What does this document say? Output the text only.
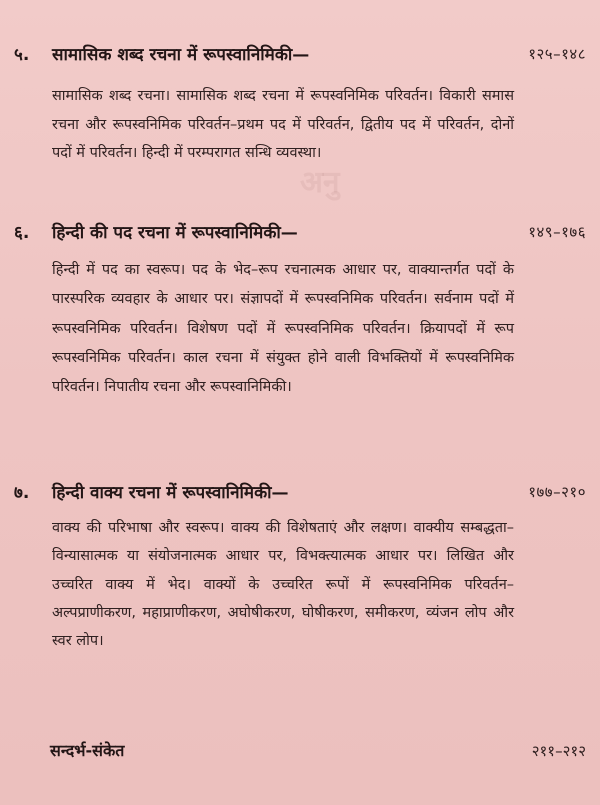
अनु
५. सामासिक शब्द रचना में रूपस्वानिमिकी—	१२५–१४८

सामासिक शब्द रचना। सामासिक शब्द रचना में रूपस्वनिमिक परिवर्तन। विकारी समास रचना और रूपस्वनिमिक परिवर्तन–प्रथम पद में परिवर्तन, द्वितीय पद में परिवर्तन, दोनों पदों में परिवर्तन। हिन्दी में परम्परागत सन्धि व्यवस्था।

६. हिन्दी की पद रचना में रूपस्वानिमिकी—	१४९–१७६

हिन्दी में पद का स्वरूप। पद के भेद–रूप रचनात्मक आधार पर, वाक्यान्तर्गत पदों के पारस्परिक व्यवहार के आधार पर। संज्ञापदों में रूपस्वनिमिक परिवर्तन। सर्वनाम पदों में रूपस्वनिमिक परिवर्तन। विशेषण पदों में रूपस्वनिमिक परिवर्तन। क्रियापदों में रूप रूपस्वनिमिक परिवर्तन। काल रचना में संयुक्त होने वाली विभक्तियों में रूपस्वनिमिक परिवर्तन। निपातीय रचना और रूपस्वानिमिकी।

७. हिन्दी वाक्य रचना में रूपस्वानिमिकी—	१७७–२१०

वाक्य की परिभाषा और स्वरूप। वाक्य की विशेषताएं और लक्षण। वाक्यीय सम्बद्धता–विन्यासात्मक या संयोजनात्मक आधार पर, विभक्त्यात्मक आधार पर। लिखित और उच्चरित वाक्य में भेद। वाक्यों के उच्चरित रूपों में रूपस्वनिमिक परिवर्तन–अल्पप्राणीकरण, महाप्राणीकरण, अघोषीकरण, घोषीकरण, समीकरण, व्यंजन लोप और स्वर लोप।

सन्दर्भ-संकेत	२११–२१२
